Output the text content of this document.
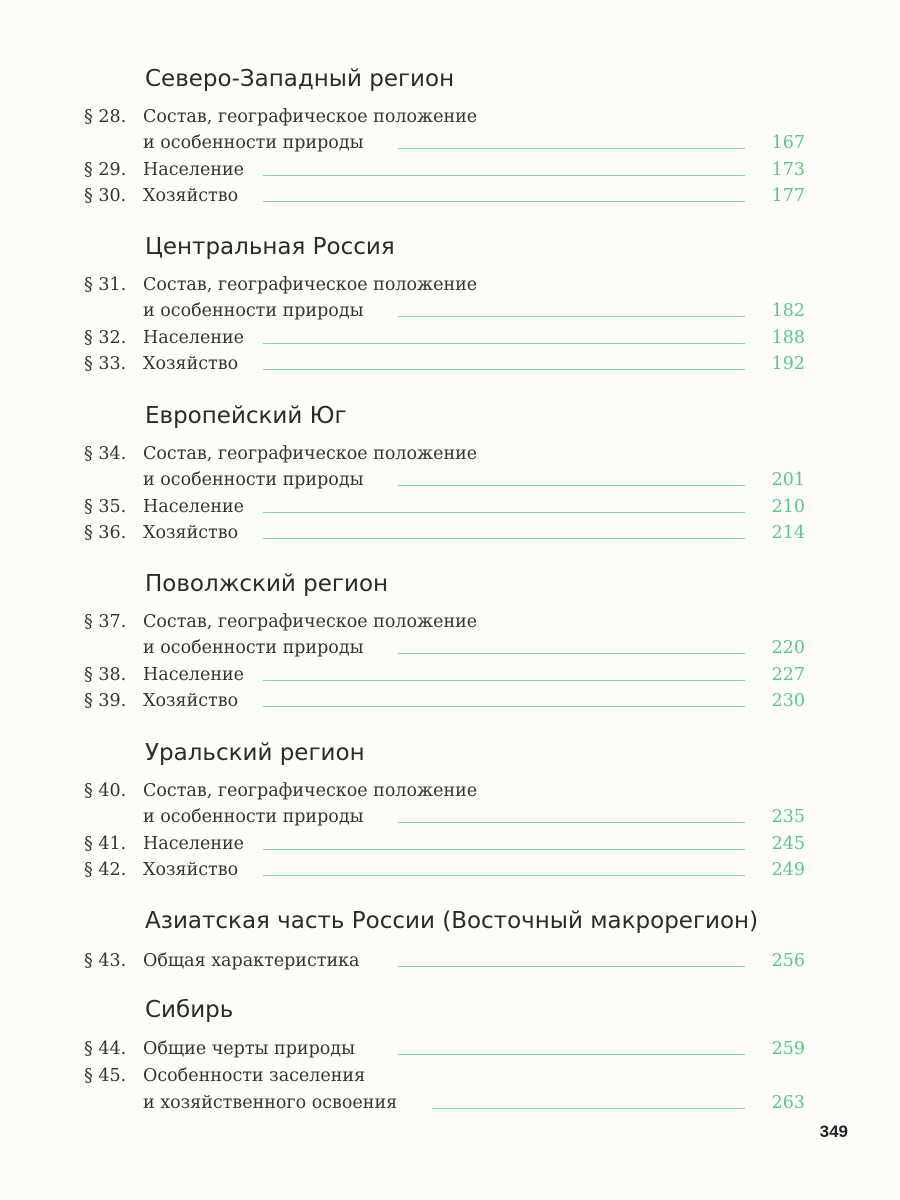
Северо-Западный регион
§ 28. Состав, географическое положение
и особенности природы	167
§ 29. Население	173
§ 30. Хозяйство	177
Центральная Россия
§ 31. Состав, географическое положение
и особенности природы	182
§ 32. Население	188
§ 33. Хозяйство	192
Европейский Юг
§ 34. Состав, географическое положение
и особенности природы	201
§ 35. Население	210
§ 36. Хозяйство	214
Поволжский регион
§ 37. Состав, географическое положение
и особенности природы	220
§ 38. Население	227
§ 39. Хозяйство	230
Уральский регион
§ 40. Состав, географическое положение
и особенности природы	235
§ 41. Население	245
§ 42. Хозяйство	249
Азиатская часть России (Восточный макрорегион)
§ 43. Общая характеристика	256
Сибирь
§ 44. Общие черты природы	259
§ 45. Особенности заселения
и хозяйственного освоения	263
349
